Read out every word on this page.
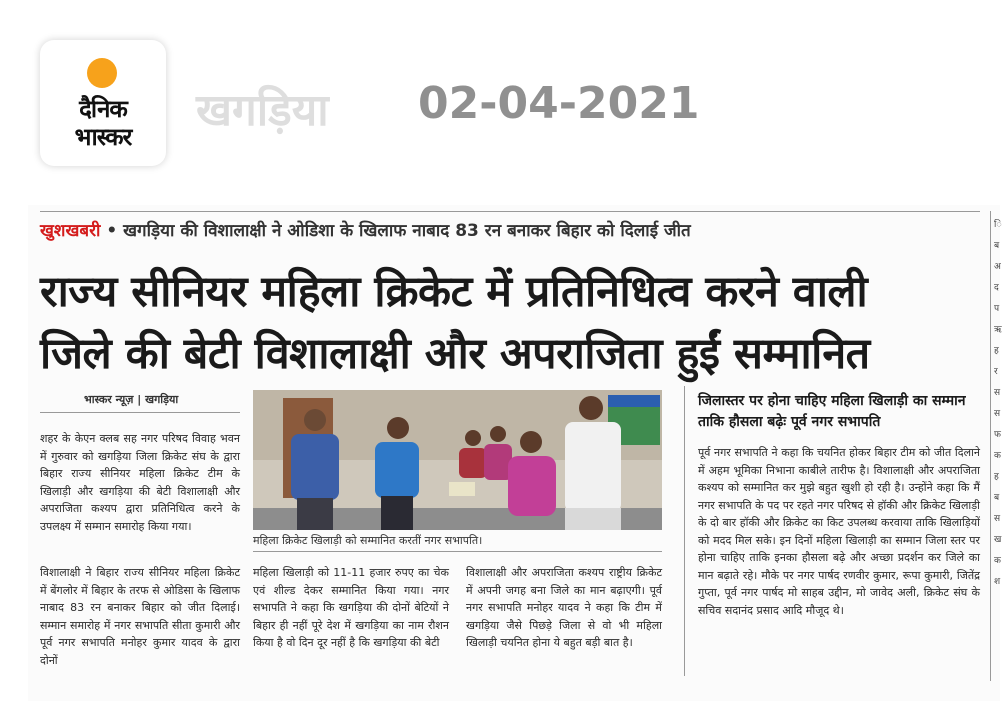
दैनिक
भास्कर
खगड़िया 02-04-2021
खुशखबरी • खगड़िया की विशालाक्षी ने ओडिशा के खिलाफ नाबाद 83 रन बनाकर बिहार को दिलाई जीत
राज्य सीनियर महिला क्रिकेट में प्रतिनिधित्व करने वाली
जिले की बेटी विशालाक्षी और अपराजिता हुईं सम्मानित
भास्कर न्यूज़ | खगड़िया
शहर के केएन क्लब सह नगर परिषद विवाह भवन में गुरुवार को खगड़िया जिला क्रिकेट संघ के द्वारा बिहार राज्य सीनियर महिला क्रिकेट टीम के खिलाड़ी और खगड़िया की बेटी विशालाक्षी और अपराजिता कश्यप द्वारा प्रतिनिधित्व करने के उपलक्ष्य में सम्मान समारोह किया गया।
विशालाक्षी ने बिहार राज्य सीनियर महिला क्रिकेट में बेंगलोर में बिहार के तरफ से ओडिसा के खिलाफ नाबाद 83 रन बनाकर बिहार को जीत दिलाई। सम्मान समारोह में नगर सभापति सीता कुमारी और पूर्व नगर सभापति मनोहर कुमार यादव के द्वारा दोनों
महिला क्रिकेट खिलाड़ी को सम्मानित करतीं नगर सभापति।
महिला खिलाड़ी को 11-11 हजार रुपए का चेक एवं शील्ड देकर सम्मानित किया गया। नगर सभापति ने कहा कि खगड़िया की दोनों बेटियों ने बिहार ही नहीं पूरे देश में खगड़िया का नाम रौशन किया है वो दिन दूर नहीं है कि खगड़िया की बेटी
विशालाक्षी और अपराजिता कश्यप राष्ट्रीय क्रिकेट में अपनी जगह बना जिले का मान बढ़ाएगी। पूर्व नगर सभापति मनोहर यादव ने कहा कि टीम में खगड़िया जैसे पिछड़े जिला से वो भी महिला खिलाड़ी चयनित होना ये बहुत बड़ी बात है।
जिलास्तर पर होना चाहिए महिला खिलाड़ी का सम्मान ताकि हौसला बढ़ेः पूर्व नगर सभापति
पूर्व नगर सभापति ने कहा कि चयनित होकर बिहार टीम को जीत दिलाने में अहम भूमिका निभाना काबीले तारीफ है। विशालाक्षी और अपराजिता कश्यप को सम्मानित कर मुझे बहुत खुशी हो रही है। उन्होंने कहा कि मैं नगर सभापति के पद पर रहते नगर परिषद से हॉकी और क्रिकेट खिलाड़ी के दो बार हॉकी और क्रिकेट का किट उपलब्ध करवाया ताकि खिलाड़ियों को मदद मिल सके। इन दिनों महिला खिलाड़ी का सम्मान जिला स्तर पर होना चाहिए ताकि इनका हौसला बढ़े और अच्छा प्रदर्शन कर जिले का मान बढ़ाते रहे। मौके पर नगर पार्षद रणवीर कुमार, रूपा कुमारी, जितेंद्र गुप्ता, पूर्व नगर पार्षद मो साहब उद्दीन, मो जावेद अली, क्रिकेट संघ के सचिव सदानंद प्रसाद आदि मौजूद थे।
ि
ब
अ
द
प
ऋ
ह
र
स
स
फ
क
ह
ब
स
ख
क
श
